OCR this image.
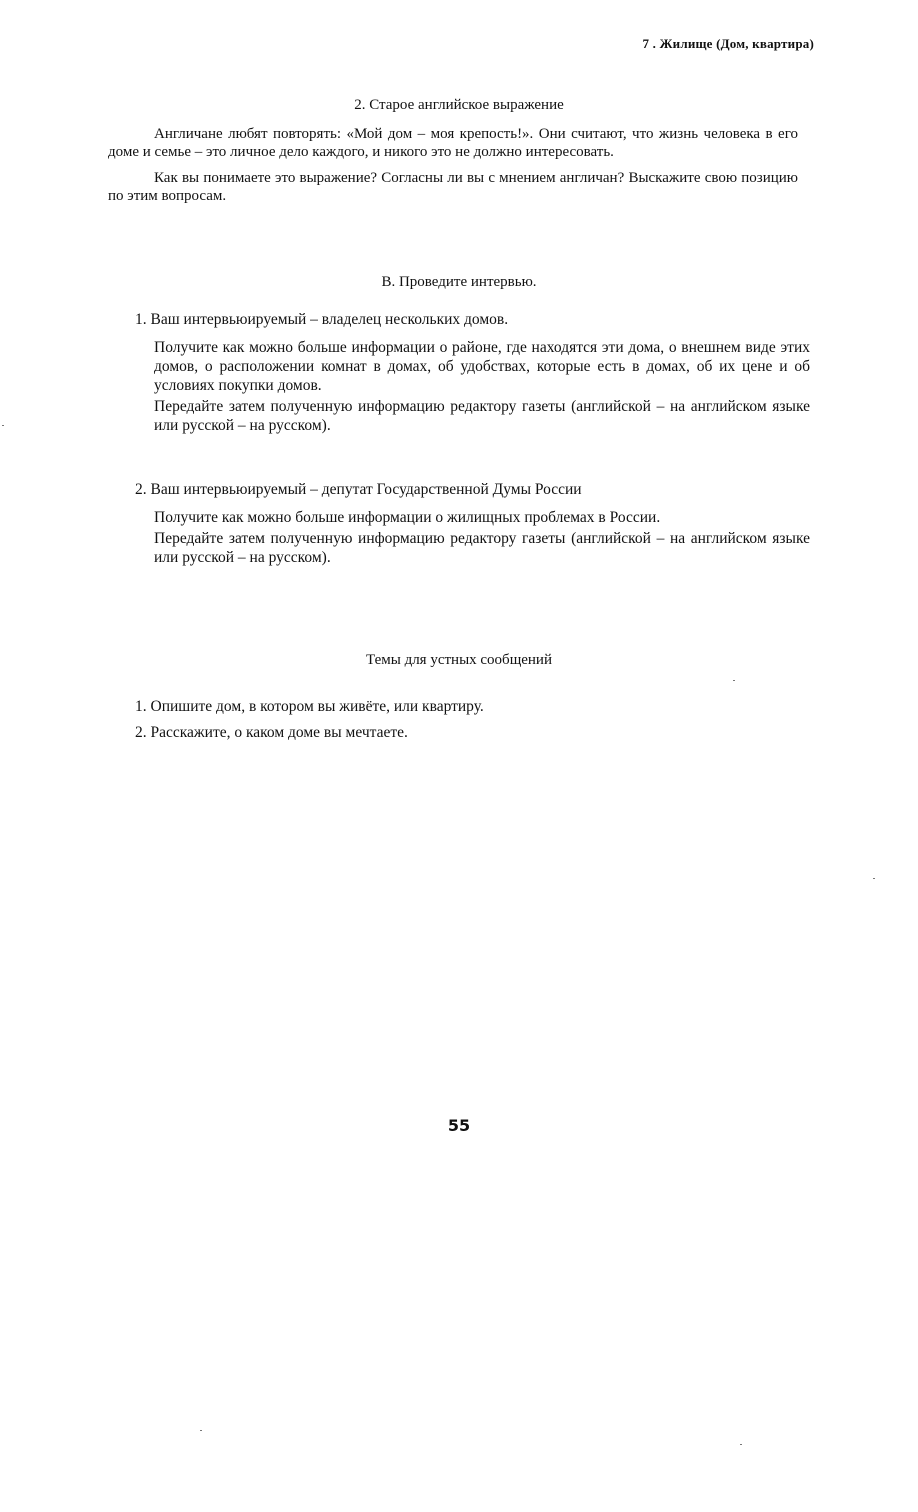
7 . Жилище (Дом, квартира)
2. Старое английское выражение

Англичане любят повторять: «Мой дом – моя крепость!». Они считают, что жизнь человека в его доме и семье – это личное дело каждого, и никого это не должно интересовать.

Как вы понимаете это выражение? Согласны ли вы с мнением англичан? Выскажите свою позицию по этим вопросам.

B. Проведите интервью.
1. Ваш интервьюируемый – владелец нескольких домов.

Получите как можно больше информации о районе, где находятся эти дома, о внешнем виде этих домов, о расположении комнат в домах, об удобствах, которые есть в домах, об их цене и об условиях покупки домов.

Передайте затем полученную информацию редактору газеты (английской – на английском языке или русской – на русском).

2. Ваш интервьюируемый – депутат Государственной Думы России

Получите как можно больше информации о жилищных проблемах в России.

Передайте затем полученную информацию редактору газеты (английской – на английском языке или русской – на русском).

Темы для устных сообщений
1. Опишите дом, в котором вы живёте, или квартиру.
2. Расскажите, о каком доме вы мечтаете.
55
